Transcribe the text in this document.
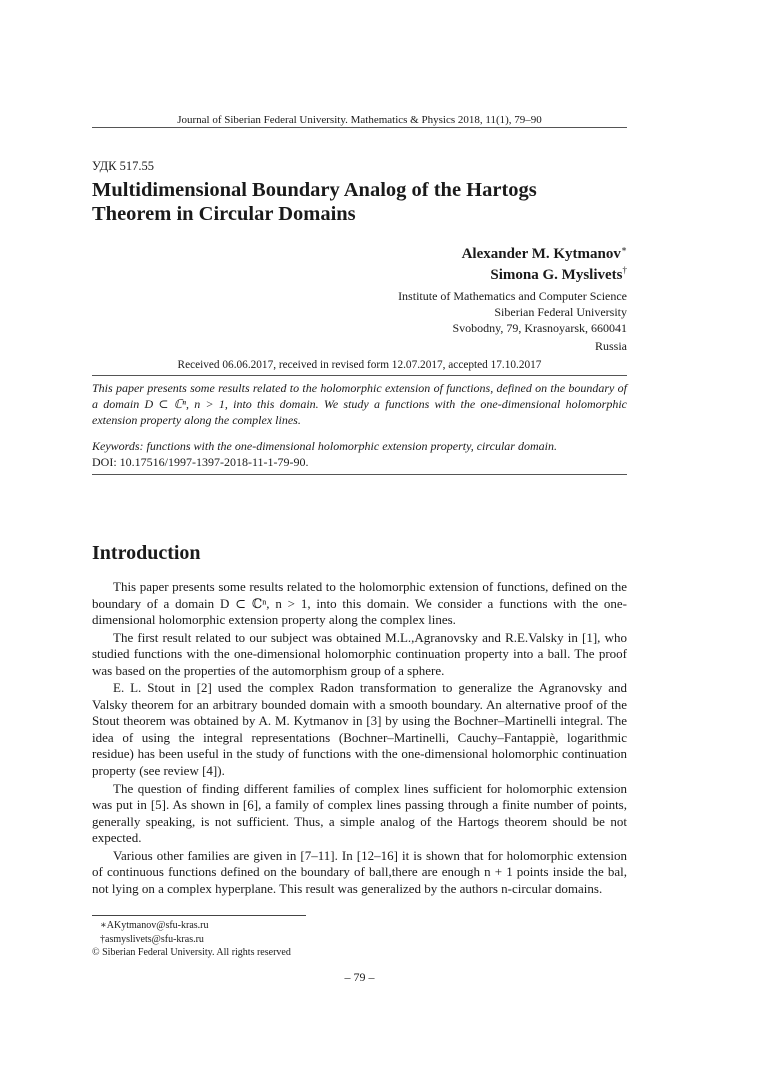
Journal of Siberian Federal University. Mathematics & Physics 2018, 11(1), 79–90
УДК 517.55
Multidimensional Boundary Analog of the Hartogs
Theorem in Circular Domains
Alexander M. Kytmanov∗
Simona G. Myslivets†
Institute of Mathematics and Computer Science
Siberian Federal University
Svobodny, 79, Krasnoyarsk, 660041
Russia
Received 06.06.2017, received in revised form 12.07.2017, accepted 17.10.2017
This paper presents some results related to the holomorphic extension of functions, defined on the boundary of a domain D ⊂ ℂⁿ, n > 1, into this domain. We study a functions with the one-dimensional holomorphic extension property along the complex lines.
Keywords: functions with the one-dimensional holomorphic extension property, circular domain.
DOI: 10.17516/1997-1397-2018-11-1-79-90.
Introduction

This paper presents some results related to the holomorphic extension of functions, defined on the boundary of a domain D ⊂ ℂⁿ, n > 1, into this domain. We consider a functions with the one-dimensional holomorphic extension property along the complex lines.

The first result related to our subject was obtained M.L.,Agranovsky and R.E.Valsky in [1], who studied functions with the one-dimensional holomorphic continuation property into a ball. The proof was based on the properties of the automorphism group of a sphere.

E. L. Stout in [2] used the complex Radon transformation to generalize the Agranovsky and Valsky theorem for an arbitrary bounded domain with a smooth boundary. An alternative proof of the Stout theorem was obtained by A. M. Kytmanov in [3] by using the Bochner–Martinelli integral. The idea of using the integral representations (Bochner–Martinelli, Cauchy–Fantappiè, logarithmic residue) has been useful in the study of functions with the one-dimensional holomorphic continuation property (see review [4]).

The question of finding different families of complex lines sufficient for holomorphic extension was put in [5]. As shown in [6], a family of complex lines passing through a finite number of points, generally speaking, is not sufficient. Thus, a simple analog of the Hartogs theorem should be not expected.

Various other families are given in [7–11]. In [12–16] it is shown that for holomorphic extension of continuous functions defined on the boundary of ball,there are enough n + 1 points inside the bal, not lying on a complex hyperplane. This result was generalized by the authors n-circular domains.

∗AKytmanov@sfu-kras.ru
†asmyslivets@sfu-kras.ru
© Siberian Federal University. All rights reserved
– 79 –
